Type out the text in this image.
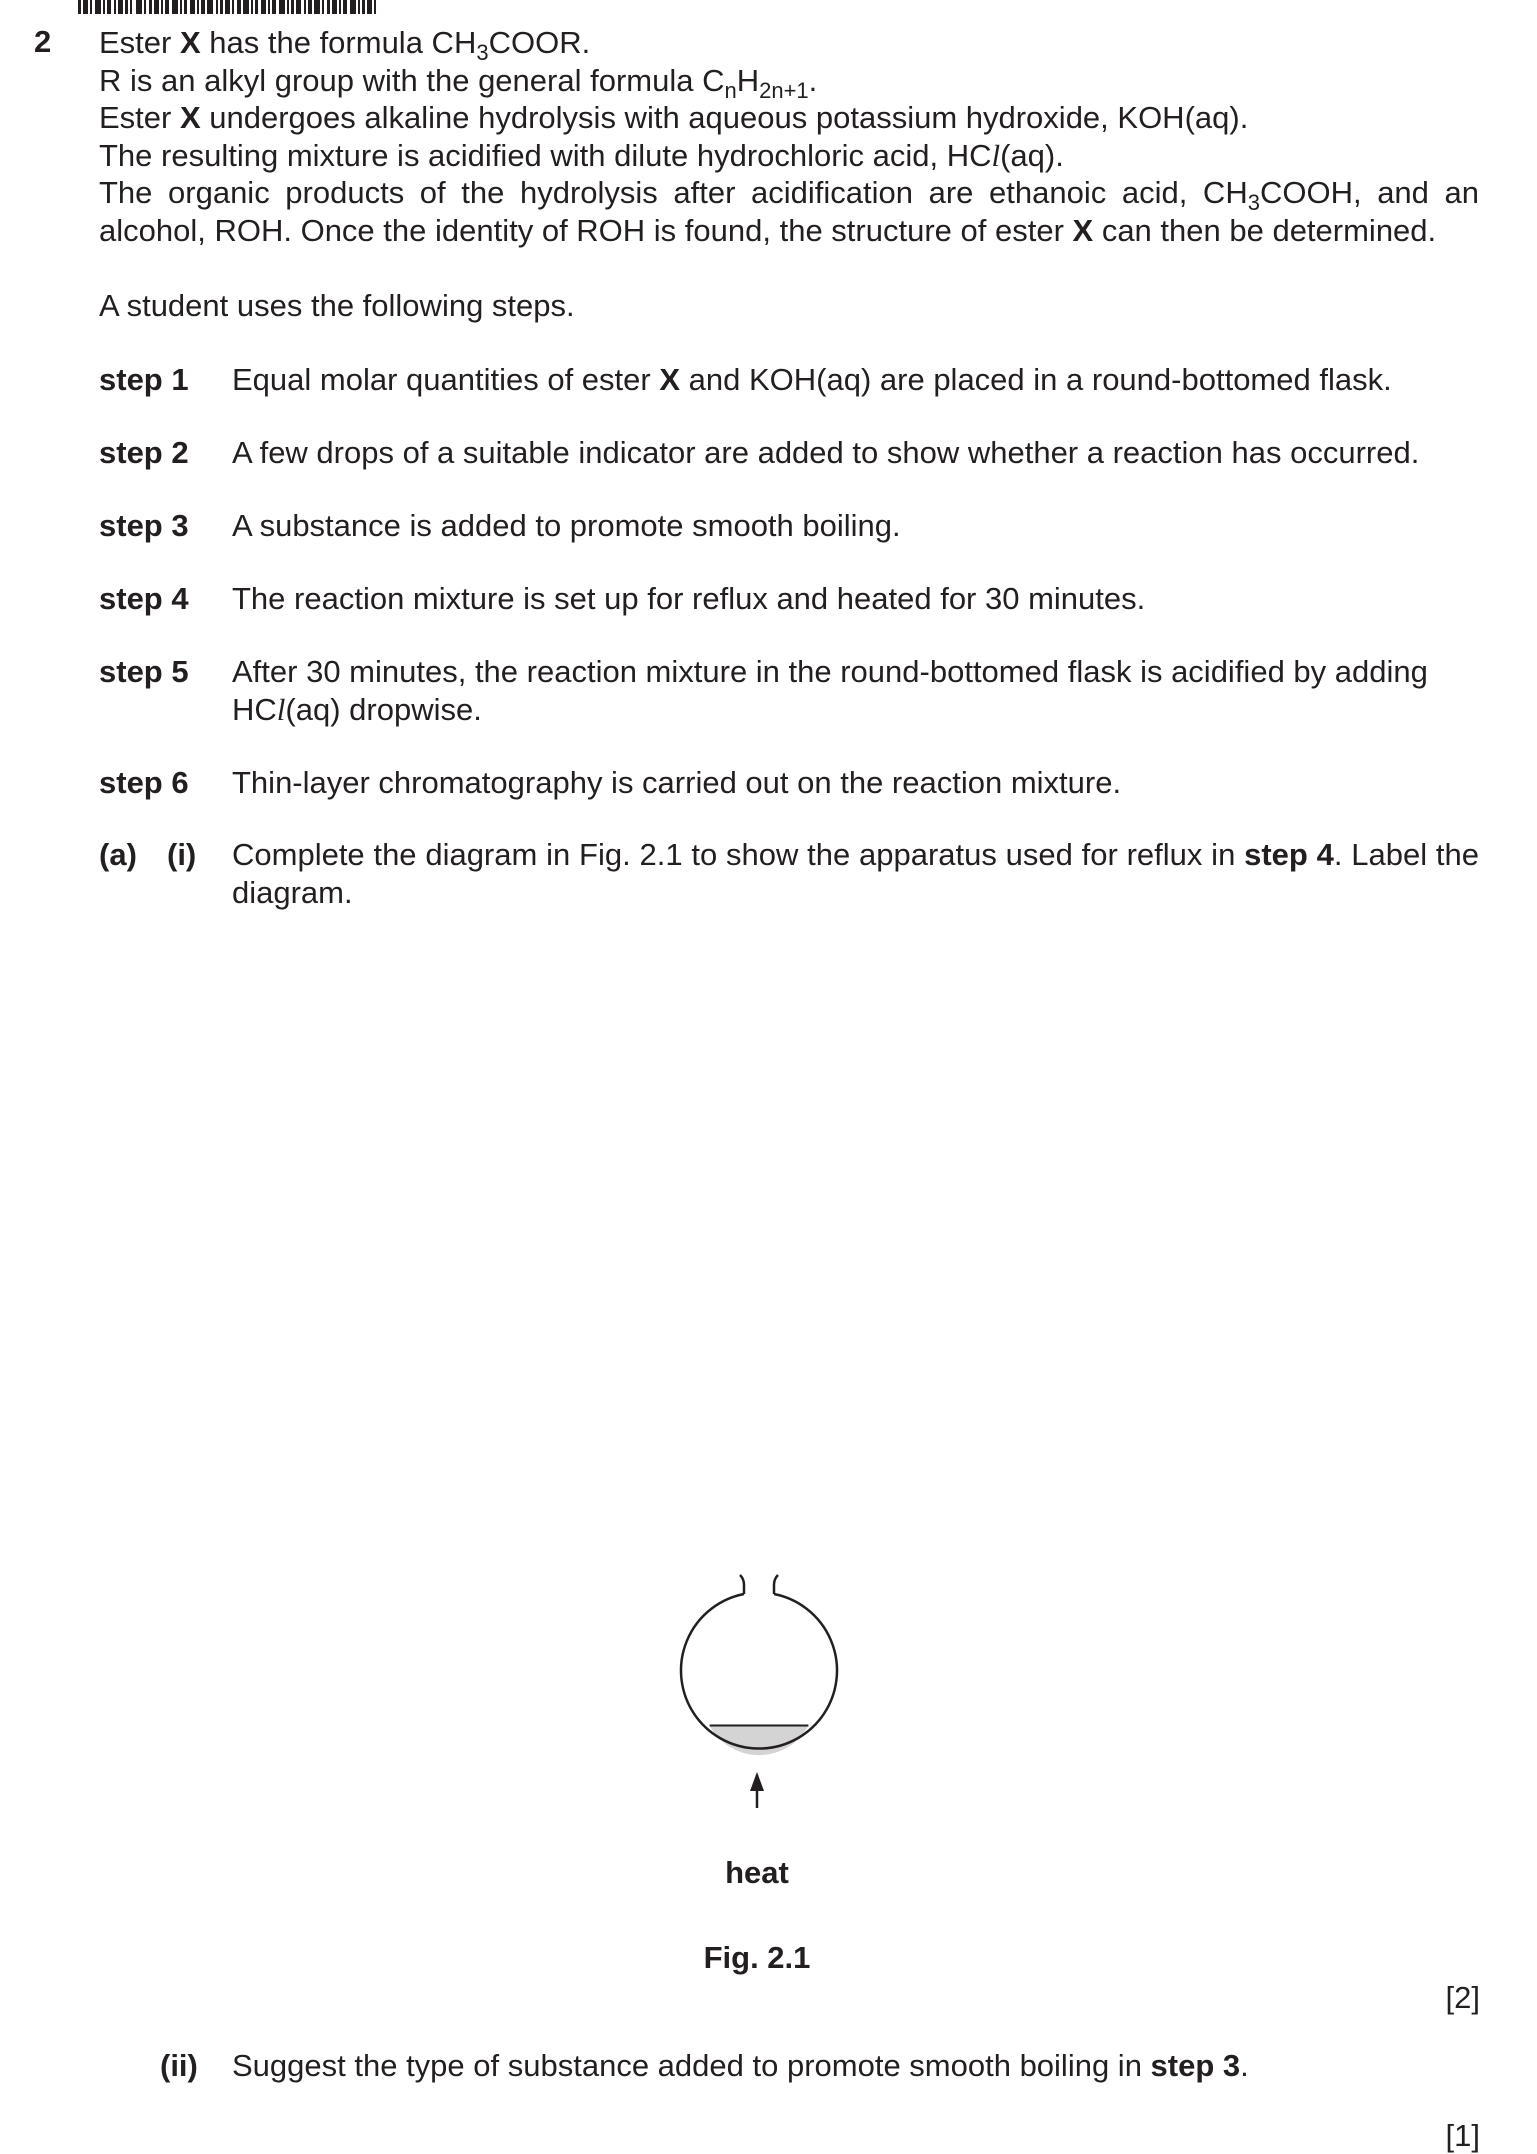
2 Ester X has the formula $CH_3COOR$.

R is an alkyl group with the general formula $C_nH_{2n+1}$.

Ester X undergoes alkaline hydrolysis with aqueous potassium hydroxide, KOH(aq).

The resulting mixture is acidified with dilute hydrochloric acid, HCl(aq).

The organic products of the hydrolysis after acidification are ethanoic acid, $CH_3COOH$, and an

alcohol, ROH. Once the identity of ROH is found, the structure of ester X can then be determined.

A student uses the following steps.
step 1 Equal molar quantities of ester X and KOH(aq) are placed in a round-bottomed flask.
step 2 A few drops of a suitable indicator are added to show whether a reaction has occurred.
step 3 A substance is added to promote smooth boiling.
step 4 The reaction mixture is set up for reflux and heated for 30 minutes.
step 5 After 30 minutes, the reaction mixture in the round-bottomed flask is acidified by adding
HCl(aq) dropwise.
step 6 Thin-layer chromatography is carried out on the reaction mixture.
(a) (i) Complete the diagram in Fig. 2.1 to show the apparatus used for reflux in step 4. Label the diagram.
heat
Fig. 2.1
[2]
(ii) Suggest the type of substance added to promote smooth boiling in step 3.
[1]
